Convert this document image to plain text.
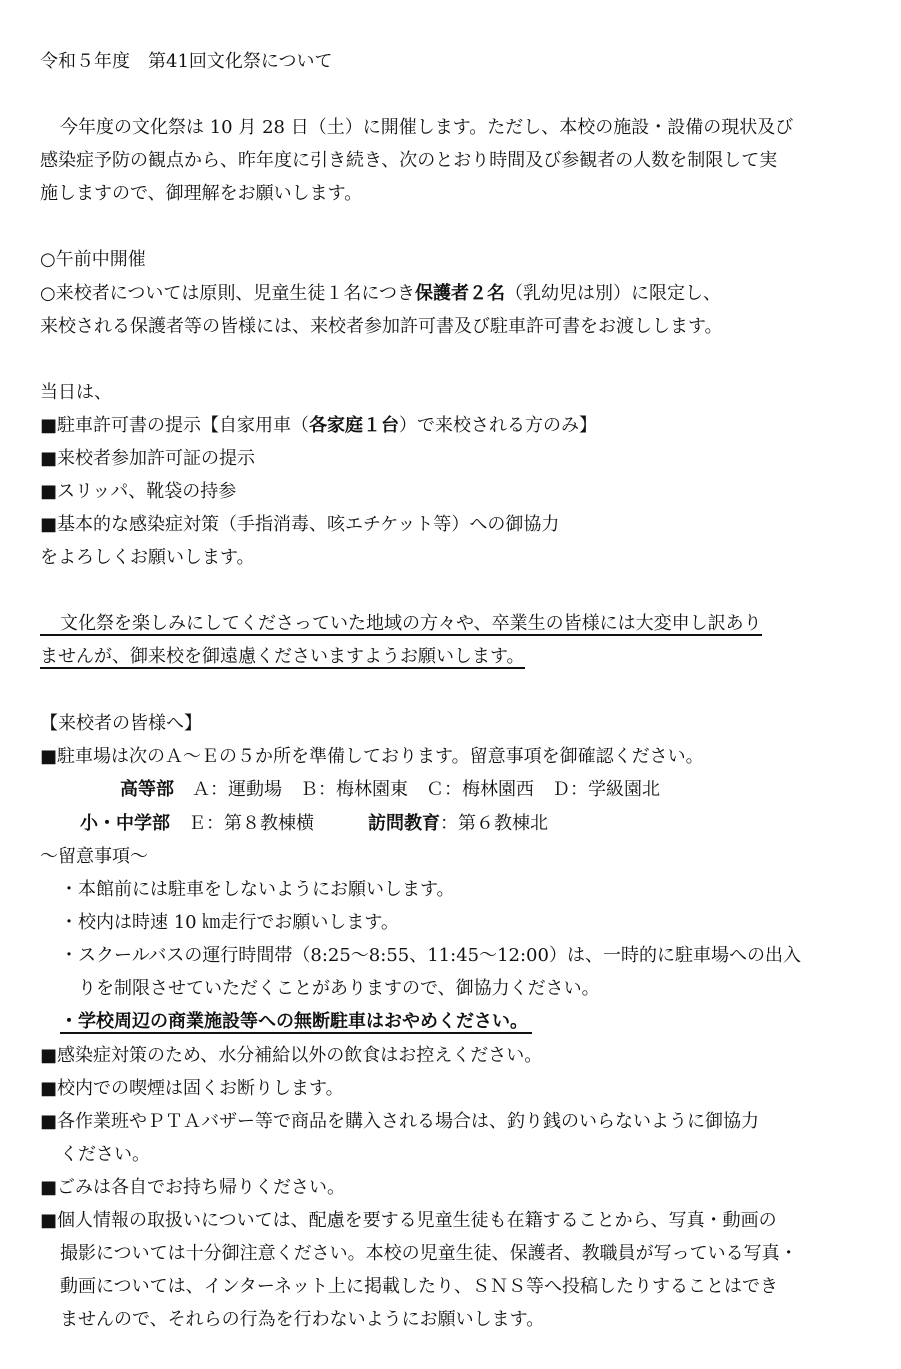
令和５年度　第41回文化祭について
今年度の文化祭は 10 月 28 日（土）に開催します。ただし、本校の施設・設備の現状及び
感染症予防の観点から、昨年度に引き続き、次のとおり時間及び参観者の人数を制限して実
施しますので、御理解をお願いします。
○午前中開催
○来校者については原則、児童生徒１名につき保護者２名（乳幼児は別）に限定し、
来校される保護者等の皆様には、来校者参加許可書及び駐車許可書をお渡しします。
当日は、
■駐車許可書の提示【自家用車（各家庭１台）で来校される方のみ】
■来校者参加許可証の提示
■スリッパ、靴袋の持参
■基本的な感染症対策（手指消毒、咳エチケット等）への御協力
をよろしくお願いします。
文化祭を楽しみにしてくださっていた地域の方々や、卒業生の皆様には大変申し訳あり
ませんが、御来校を御遠慮くださいますようお願いします。
【来校者の皆様へ】
■駐車場は次のＡ～Ｅの５か所を準備しております。留意事項を御確認ください。
高等部　 Ａ：運動場　Ｂ：梅林園東　Ｃ：梅林園西　Ｄ：学級園北
小・中学部　 Ｅ：第８教棟横　　　	訪問教育：第６教棟北
～留意事項～
・本館前には駐車をしないようにお願いします。
・校内は時速 10 ㎞走行でお願いします。
・スクールバスの運行時間帯（8:25～8:55、11:45～12:00）は、一時的に駐車場への出入
りを制限させていただくことがありますので、御協力ください。
・学校周辺の商業施設等への無断駐車はおやめください。
■感染症対策のため、水分補給以外の飲食はお控えください。
■校内での喫煙は固くお断りします。
■各作業班やＰＴＡバザー等で商品を購入される場合は、釣り銭のいらないように御協力
ください。
■ごみは各自でお持ち帰りください。
■個人情報の取扱いについては、配慮を要する児童生徒も在籍することから、写真・動画の
撮影については十分御注意ください。本校の児童生徒、保護者、教職員が写っている写真・
動画については、インターネット上に掲載したり、ＳＮＳ等へ投稿したりすることはでき
ませんので、それらの行為を行わないようにお願いします。
